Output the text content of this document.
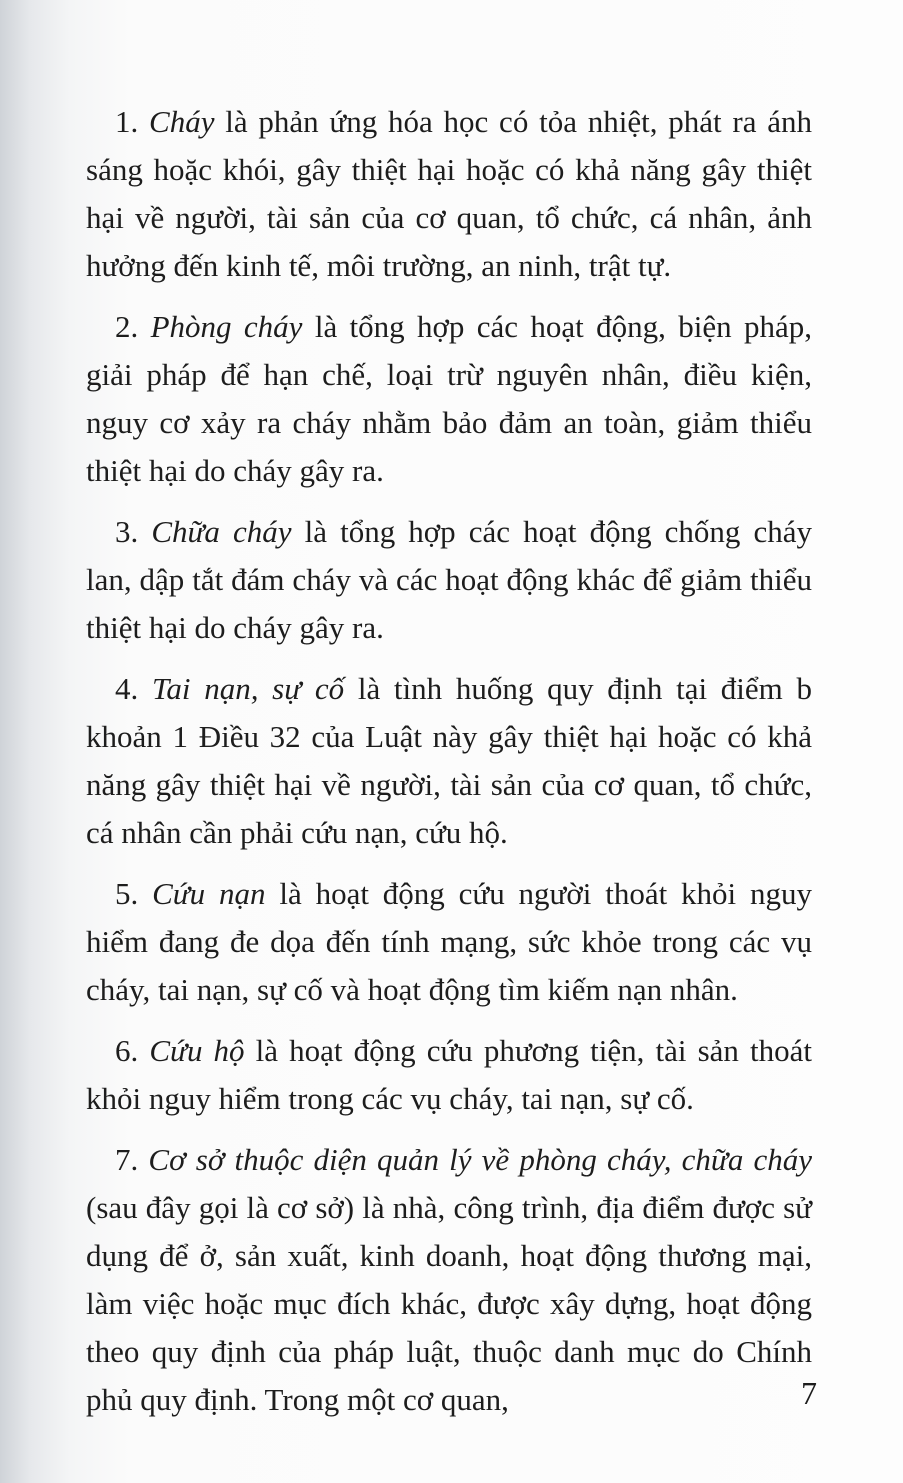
1. Cháy là phản ứng hóa học có tỏa nhiệt, phát ra ánh sáng hoặc khói, gây thiệt hại hoặc có khả năng gây thiệt hại về người, tài sản của cơ quan, tổ chức, cá nhân, ảnh hưởng đến kinh tế, môi trường, an ninh, trật tự.

2. Phòng cháy là tổng hợp các hoạt động, biện pháp, giải pháp để hạn chế, loại trừ nguyên nhân, điều kiện, nguy cơ xảy ra cháy nhằm bảo đảm an toàn, giảm thiểu thiệt hại do cháy gây ra.

3. Chữa cháy là tổng hợp các hoạt động chống cháy lan, dập tắt đám cháy và các hoạt động khác để giảm thiểu thiệt hại do cháy gây ra.

4. Tai nạn, sự cố là tình huống quy định tại điểm b khoản 1 Điều 32 của Luật này gây thiệt hại hoặc có khả năng gây thiệt hại về người, tài sản của cơ quan, tổ chức, cá nhân cần phải cứu nạn, cứu hộ.

5. Cứu nạn là hoạt động cứu người thoát khỏi nguy hiểm đang đe dọa đến tính mạng, sức khỏe trong các vụ cháy, tai nạn, sự cố và hoạt động tìm kiếm nạn nhân.

6. Cứu hộ là hoạt động cứu phương tiện, tài sản thoát khỏi nguy hiểm trong các vụ cháy, tai nạn, sự cố.

7. Cơ sở thuộc diện quản lý về phòng cháy, chữa cháy (sau đây gọi là cơ sở) là nhà, công trình, địa điểm được sử dụng để ở, sản xuất, kinh doanh, hoạt động thương mại, làm việc hoặc mục đích khác, được xây dựng, hoạt động theo quy định của pháp luật, thuộc danh mục do Chính phủ quy định. Trong một cơ quan,	7
